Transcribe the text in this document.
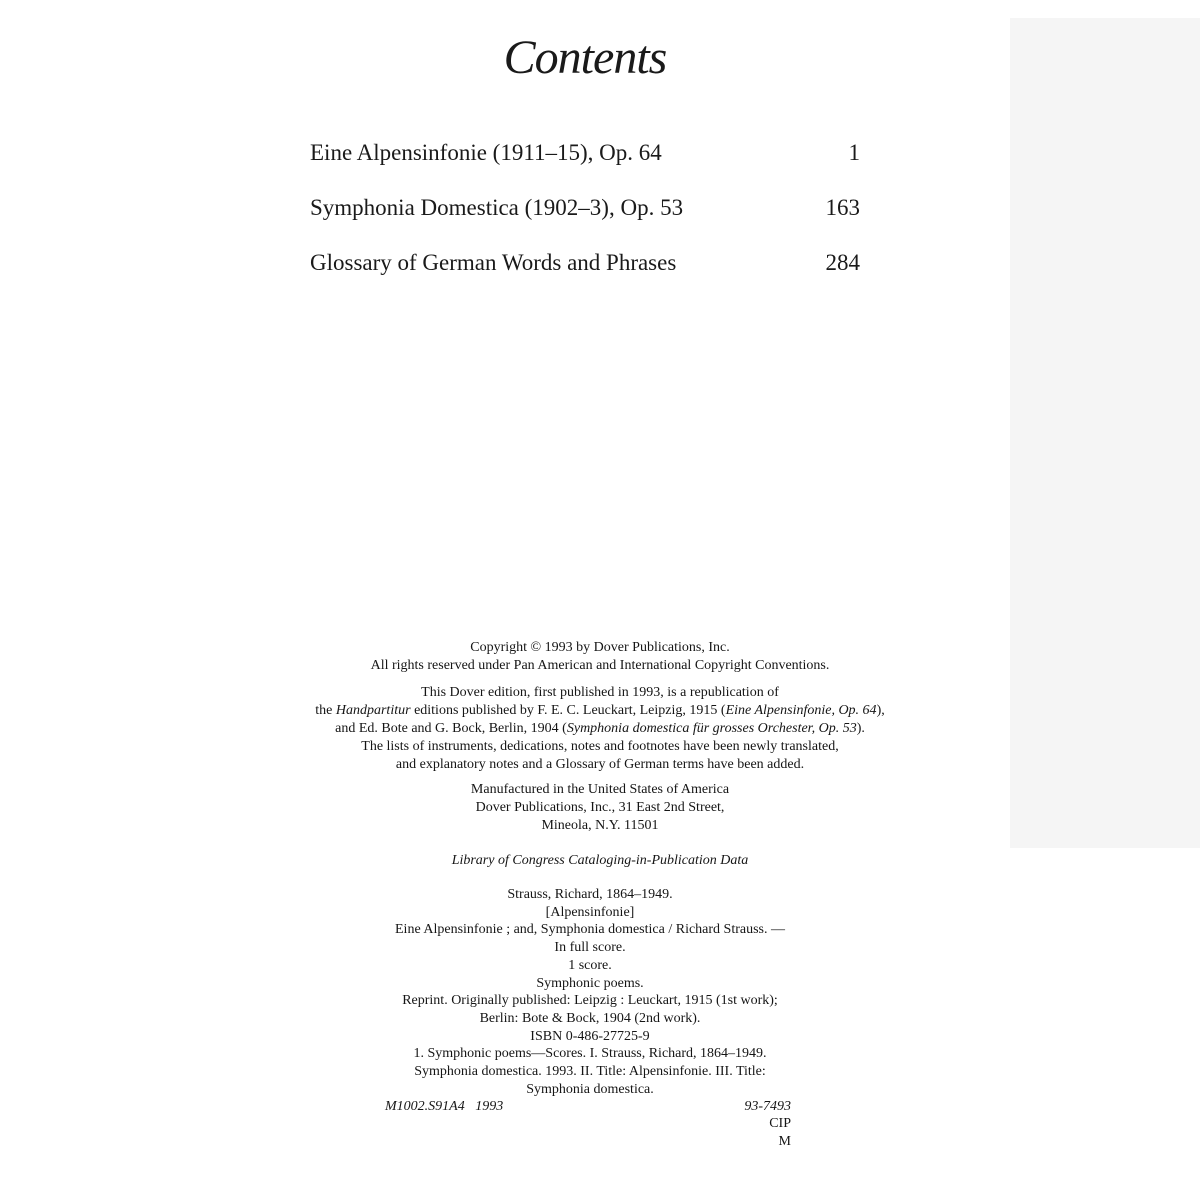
Contents
Eine Alpensinfonie (1911–15), Op. 64	1
Symphonia Domestica (1902–3), Op. 53	163
Glossary of German Words and Phrases	284
Copyright © 1993 by Dover Publications, Inc.
All rights reserved under Pan American and International Copyright Conventions.
This Dover edition, first published in 1993, is a republication of
the Handpartitur editions published by F. E. C. Leuckart, Leipzig, 1915 (Eine Alpensinfonie, Op. 64),
and Ed. Bote and G. Bock, Berlin, 1904 (Symphonia domestica für grosses Orchester, Op. 53).
The lists of instruments, dedications, notes and footnotes have been newly translated,
and explanatory notes and a Glossary of German terms have been added.
Manufactured in the United States of America
Dover Publications, Inc., 31 East 2nd Street,
Mineola, N.Y. 11501
Library of Congress Cataloging-in-Publication Data
Strauss, Richard, 1864–1949.
[Alpensinfonie]
Eine Alpensinfonie ; and, Symphonia domestica / Richard Strauss. —
In full score.
1 score.
Symphonic poems.
Reprint. Originally published: Leipzig : Leuckart, 1915 (1st work);
Berlin: Bote & Bock, 1904 (2nd work).
ISBN 0-486-27725-9
1. Symphonic poems—Scores. I. Strauss, Richard, 1864–1949.
Symphonia domestica. 1993. II. Title: Alpensinfonie. III. Title:
Symphonia domestica.
M1002.S91A4   1993	93-7493
CIP
M
